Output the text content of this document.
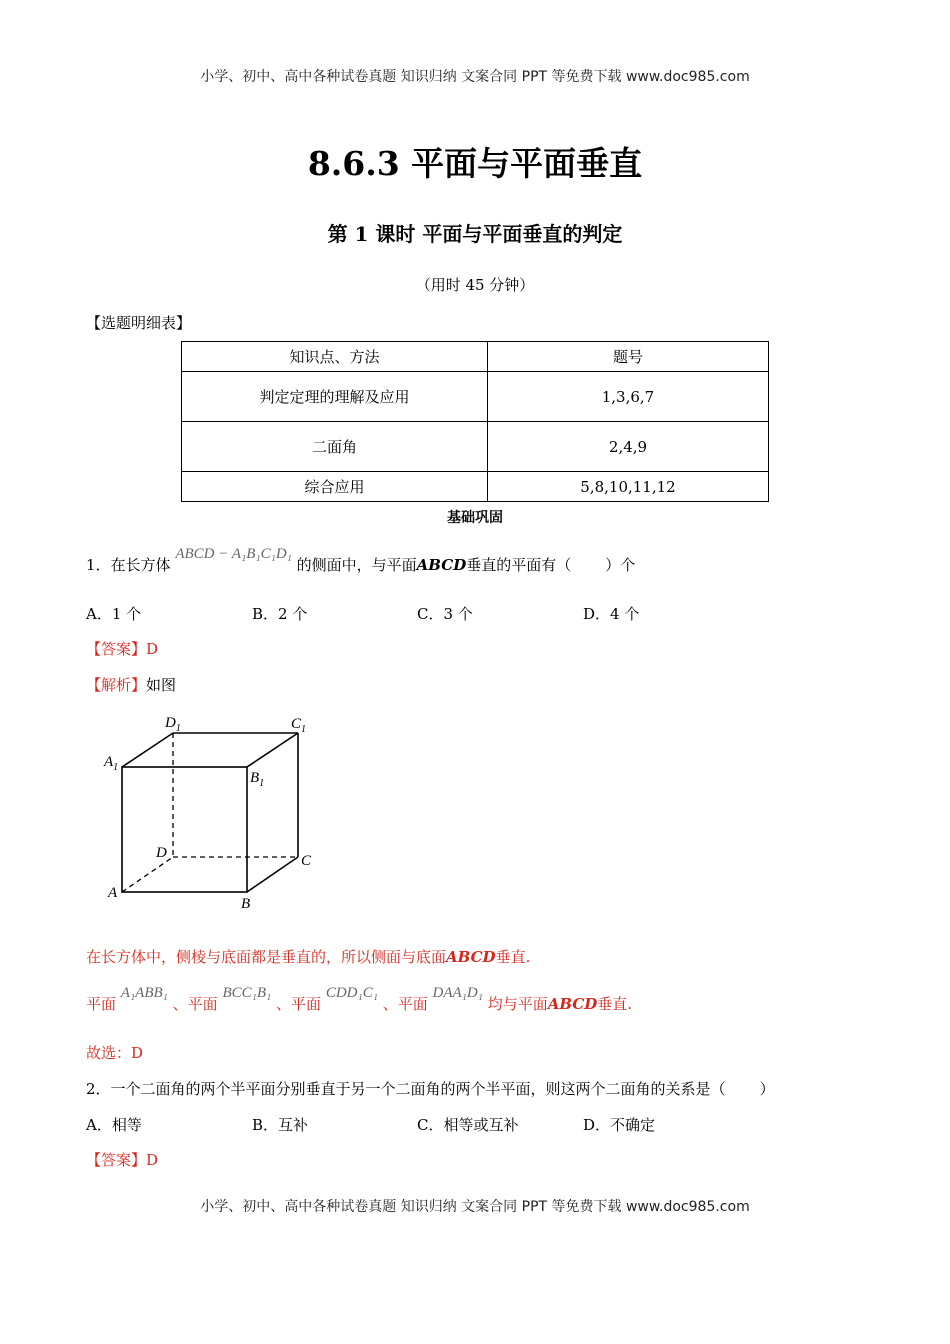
小学、初中、高中各种试卷真题 知识归纳 文案合同 PPT 等免费下载 www.doc985.com
8.6.3 平面与平面垂直
第 1 课时 平面与平面垂直的判定
（用时 45 分钟）
【选题明细表】
知识点、方法	题号
判定定理的理解及应用	1,3,6,7
二面角	2,4,9
综合应用	5,8,10,11,12
基础巩固
1．在长方体 ABCD − A₁B₁C₁D₁ 的侧面中，与平面ABCD垂直的平面有（ ）个
A．1 个	B．2 个	C．3 个	D．4 个
【答案】D
【解析】如图
$A_1$
$B_1$
$C_1$
$D_1$
D	C
A
B
在长方体中，侧棱与底面都是垂直的，所以侧面与底面ABCD垂直.
平面 A₁ABB₁ 、平面 BCC₁B₁ 、平面 CDD₁C₁ 、平面 DAA₁D₁ 均与平面ABCD垂直.
故选：D
2．一个二面角的两个半平面分别垂直于另一个二面角的两个半平面，则这两个二面角的关系是（ ）
A．相等	B．互补	C．相等或互补	D．不确定
【答案】D
小学、初中、高中各种试卷真题 知识归纳 文案合同 PPT 等免费下载 www.doc985.com
